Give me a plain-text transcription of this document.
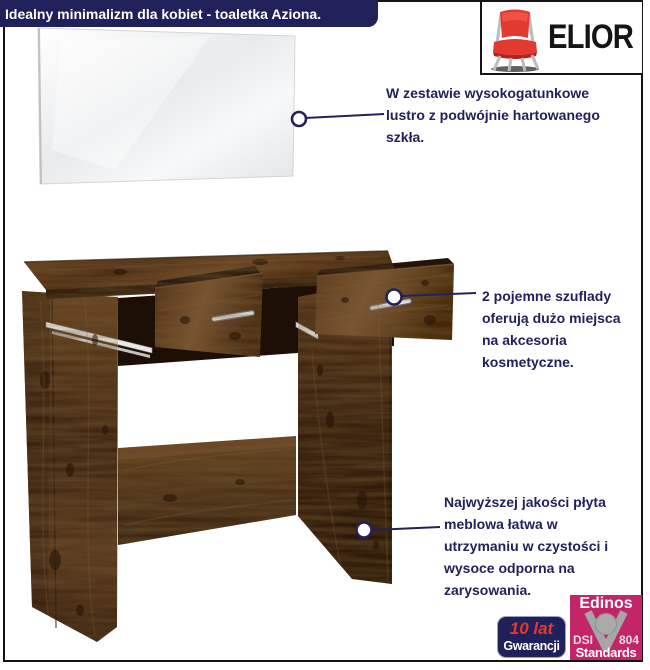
Idealny minimalizm dla kobiet - toaletka Aziona.
ELIOR
W zestawie wysokogatunkowe
lustro z podwójnie hartowanego
szkła.
2 pojemne szuflady
oferują dużo miejsca
na akcesoria
kosmetyczne.
Najwyższej jakości płyta
meblowa łatwa w
utrzymaniu w czystości i
wysoce odporna na
zarysowania.
10 lat
Gwarancji
Edinos
DSI 804
Standards
